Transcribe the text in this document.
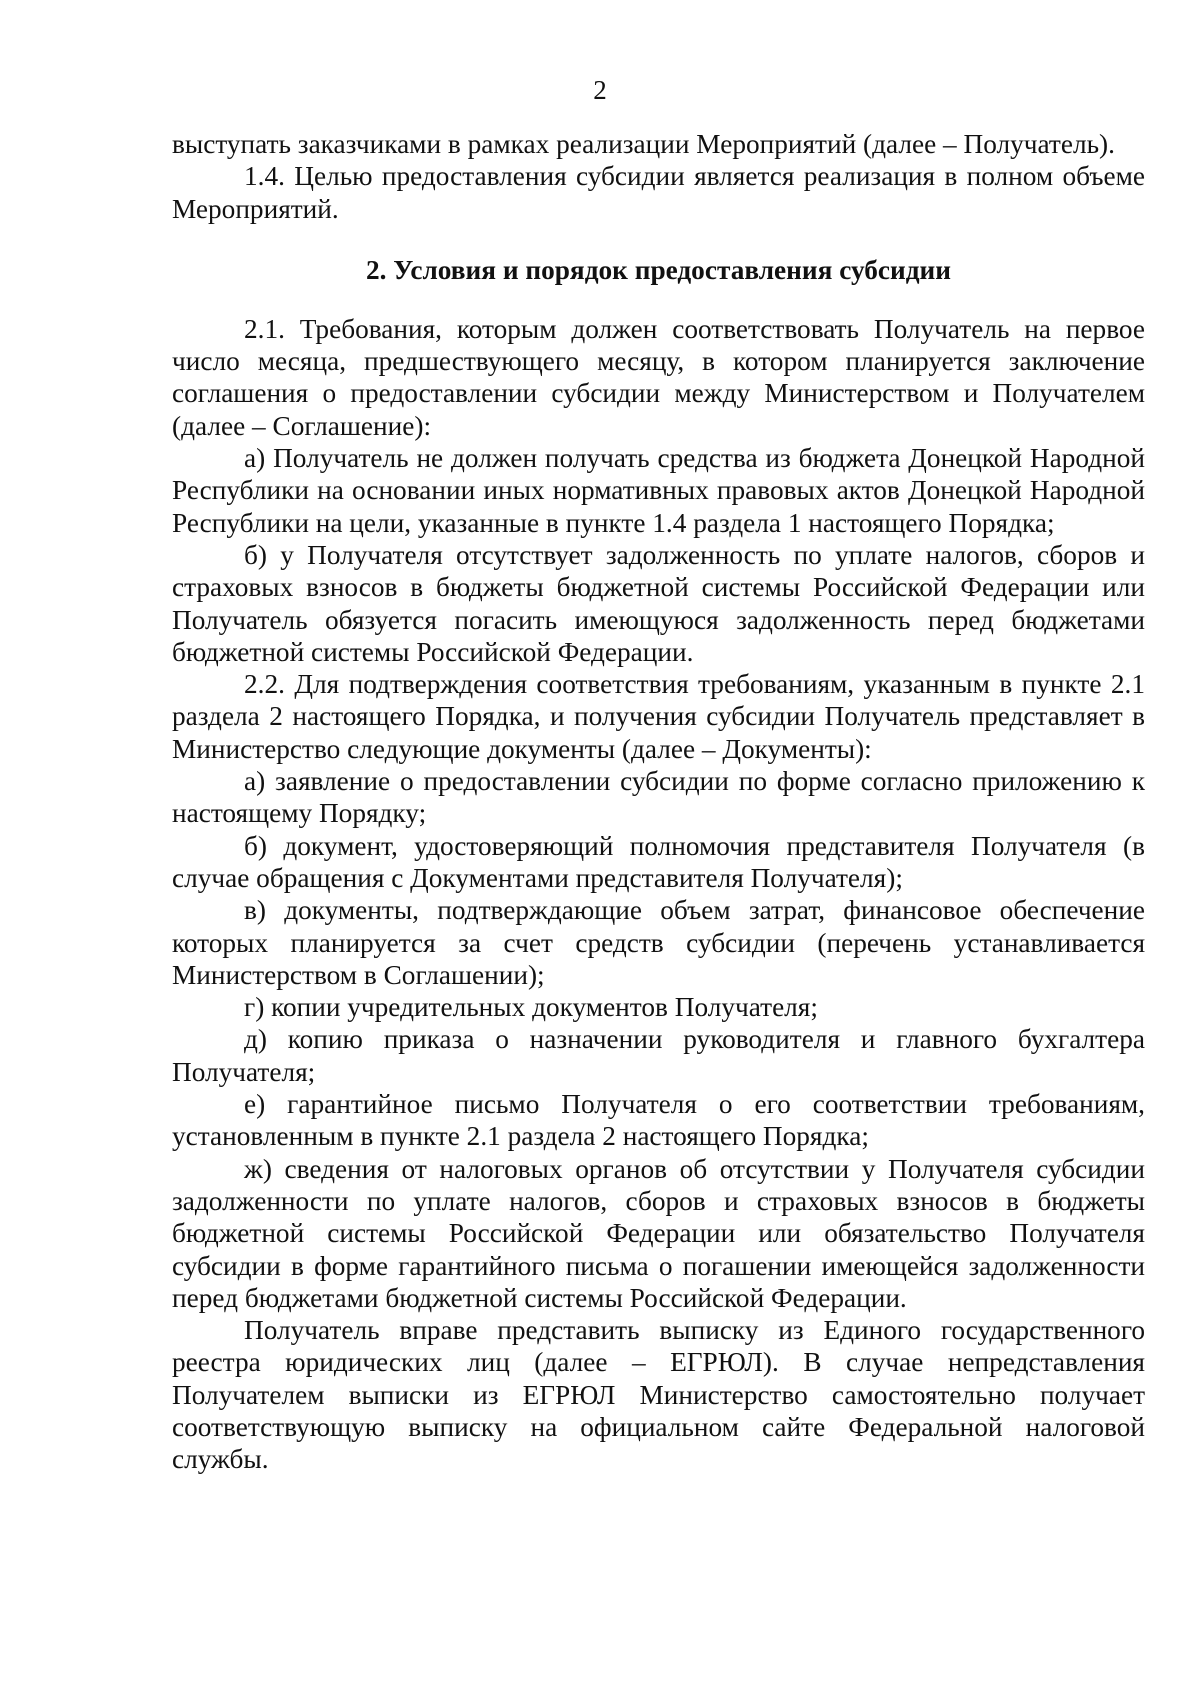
2

выступать заказчиками в рамках реализации Мероприятий (далее – Получатель).

1.4. Целью предоставления субсидии является реализация в полном объеме Мероприятий.

2. Условия и порядок предоставления субсидии

2.1. Требования, которым должен соответствовать Получатель на первое число месяца, предшествующего месяцу, в котором планируется заключение соглашения о предоставлении субсидии между Министерством и Получателем (далее – Соглашение):

а) Получатель не должен получать средства из бюджета Донецкой Народной Республики на основании иных нормативных правовых актов Донецкой Народной Республики на цели, указанные в пункте 1.4 раздела 1 настоящего Порядка;

б) у Получателя отсутствует задолженность по уплате налогов, сборов и страховых взносов в бюджеты бюджетной системы Российской Федерации или Получатель обязуется погасить имеющуюся задолженность перед бюджетами бюджетной системы Российской Федерации.

2.2. Для подтверждения соответствия требованиям, указанным в пункте 2.1 раздела 2 настоящего Порядка, и получения субсидии Получатель представляет в Министерство следующие документы (далее – Документы):

а) заявление о предоставлении субсидии по форме согласно приложению к настоящему Порядку;

б) документ, удостоверяющий полномочия представителя Получателя (в случае обращения с Документами представителя Получателя);

в) документы, подтверждающие объем затрат, финансовое обеспечение которых планируется за счет средств субсидии (перечень устанавливается Министерством в Соглашении);

г) копии учредительных документов Получателя;

д) копию приказа о назначении руководителя и главного бухгалтера Получателя;

е) гарантийное письмо Получателя о его соответствии требованиям, установленным в пункте 2.1 раздела 2 настоящего Порядка;

ж) сведения от налоговых органов об отсутствии у Получателя субсидии задолженности по уплате налогов, сборов и страховых взносов в бюджеты бюджетной системы Российской Федерации или обязательство Получателя субсидии в форме гарантийного письма о погашении имеющейся задолженности перед бюджетами бюджетной системы Российской Федерации.

Получатель вправе представить выписку из Единого государственного реестра юридических лиц (далее – ЕГРЮЛ). В случае непредставления Получателем выписки из ЕГРЮЛ Министерство самостоятельно получает соответствующую выписку на официальном сайте Федеральной налоговой службы.
